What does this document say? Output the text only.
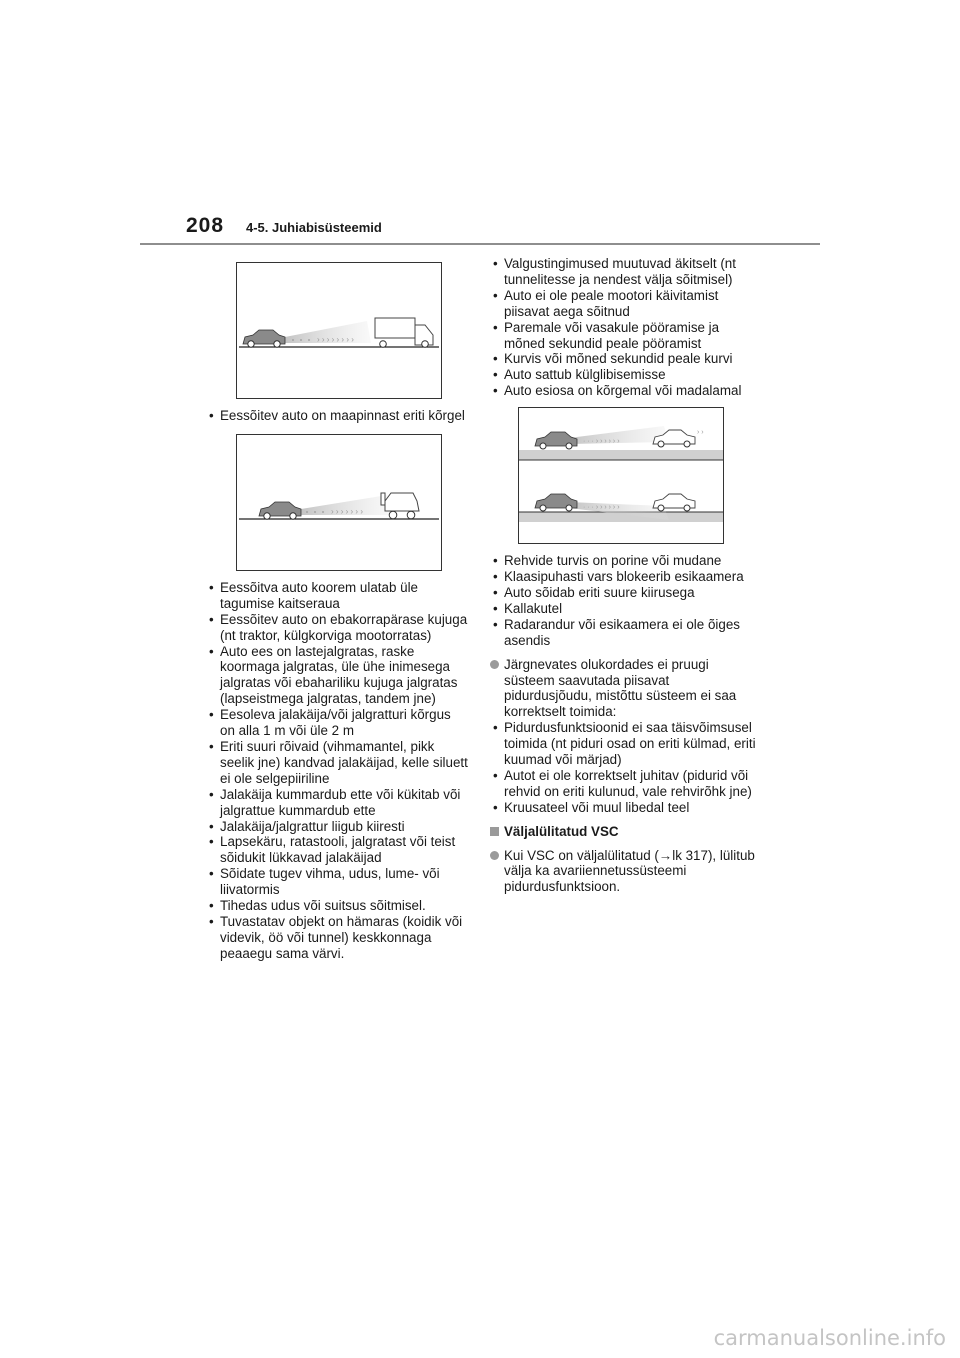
208 4-5. Juhiabisüsteemid
› › › › › › › ›
• Eessõitev auto on maapinnast eriti kõrgel
› › › › › › ›
• Eessõitva auto koorem ulatab üle tagumise kaitseraua
• Eessõitev auto on ebakorrapärase kujuga (nt traktor, külgkorviga mootorratas)
• Auto ees on lastejalgratas, raske koormaga jalgratas, üle ühe inimesega jalgratas või ebahariliku kujuga jalgratas (lapseistmega jalgratas, tandem jne)
• Eesoleva jalakäija/või jalgratturi kõrgus on alla 1 m või üle 2 m
• Eriti suuri rõivaid (vihmamantel, pikk seelik jne) kandvad jalakäijad, kelle siluett ei ole selgepiiriline
• Jalakäija kummardub ette või kükitab või jalgrattue kummardub ette
• Jalakäija/jalgrattur liigub kiiresti
• Lapsekäru, ratastooli, jalgratast või teist sõidukit lükkavad jalakäijad
• Sõidate tugev vihma, udus, lume- või liivatormis
• Tihedas udus või suitsus sõitmisel.
• Tuvastatav objekt on hämaras (koidik või videvik, öö või tunnel) keskkonnaga peaaegu sama värvi.
• Valgustingimused muutuvad äkitselt (nt tunnelitesse ja nendest välja sõitmisel)
• Auto ei ole peale mootori käivitamist piisavat aega sõitnud
• Paremale või vasakule pööramise ja mõned sekundid peale pööramist
• Kurvis või mõned sekundid peale kurvi
• Auto sattub külglibisemisse
• Auto esiosa on kõrgemal või madalamal
· · · › › › › › ›
› ›
· · · › › › › › ›
• Rehvide turvis on porine või mudane
• Klaasipuhasti vars blokeerib esikaamera
• Auto sõidab eriti suure kiirusega
• Kallakutel
• Radarandur või esikaamera ei ole õiges asendis
Järgnevates olukordades ei pruugi süsteem saavutada piisavat pidurdusjõudu, mistõttu süsteem ei saa korrektselt toimida:
• Pidurdusfunktsioonid ei saa täisvõimsusel toimida (nt piduri osad on eriti külmad, eriti kuumad või märjad)
• Autot ei ole korrektselt juhitav (pidurid või rehvid on eriti kulunud, vale rehvirõhk jne)
• Kruusateel või muul libedal teel
Väljalülitatud VSC
Kui VSC on väljalülitatud (→lk 317), lülitub välja ka avariiennetussüsteemi pidurdusfunktsioon.
carmanualsonline.info
